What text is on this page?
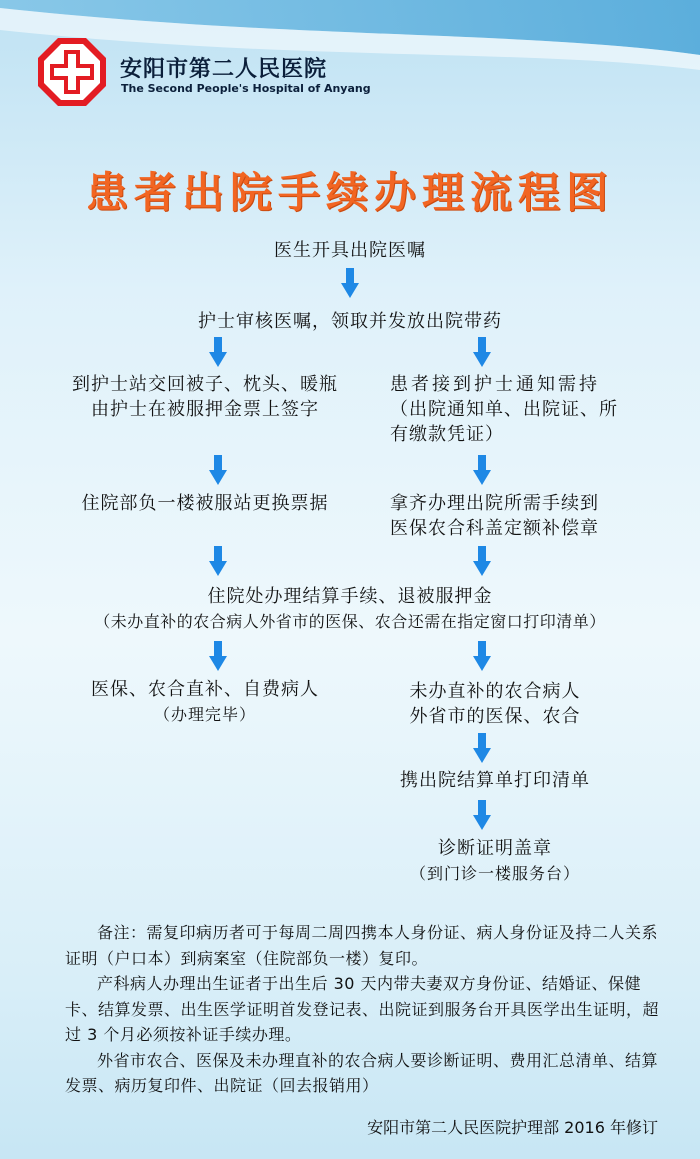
安阳市第二人民医院
The Second People's Hospital of Anyang
患者出院手续办理流程图
医生开具出院医嘱
护士审核医嘱，领取并发放出院带药
到护士站交回被子、枕头、暖瓶
由护士在被服押金票上签字
患者接到护士通知需持
（出院通知单、出院证、所
有缴款凭证）
住院部负一楼被服站更换票据	拿齐办理出院所需手续到
医保农合科盖定额补偿章
住院处办理结算手续、退被服押金
（未办直补的农合病人外省市的医保、农合还需在指定窗口打印清单）
医保、农合直补、自费病人
（办理完毕）
未办直补的农合病人
外省市的医保、农合
携出院结算单打印清单
诊断证明盖章
（到门诊一楼服务台）

备注：需复印病历者可于每周二周四携本人身份证、病人身份证及持二人关系证明（户口本）到病案室（住院部负一楼）复印。

产科病人办理出生证者于出生后 30 天内带夫妻双方身份证、结婚证、保健卡、结算发票、出生医学证明首发登记表、出院证到服务台开具医学出生证明，超过 3 个月必须按补证手续办理。

外省市农合、医保及未办理直补的农合病人要诊断证明、费用汇总清单、结算发票、病历复印件、出院证（回去报销用）

安阳市第二人民医院护理部 2016 年修订
